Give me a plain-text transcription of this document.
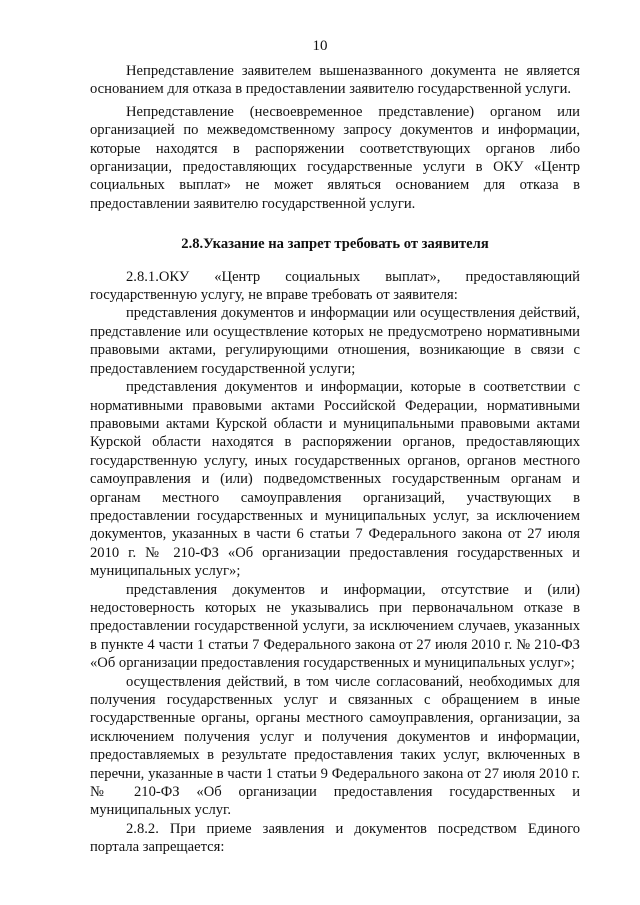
10

Непредставление заявителем вышеназванного документа не является основанием для отказа в предоставлении заявителю государственной услуги.

Непредставление (несвоевременное представление) органом или организацией по межведомственному запросу документов и информации, которые находятся в распоряжении соответствующих органов либо организации, предоставляющих государственные услуги в ОКУ «Центр социальных выплат» не может являться основанием для отказа в предоставлении заявителю государственной услуги.

2.8.Указание на запрет требовать от заявителя

2.8.1.ОКУ «Центр социальных выплат», предоставляющий государственную услугу, не вправе требовать от заявителя:

представления документов и информации или осуществления действий, представление или осуществление которых не предусмотрено нормативными правовыми актами, регулирующими отношения, возникающие в связи с предоставлением государственной услуги;

представления документов и информации, которые в соответствии с нормативными правовыми актами Российской Федерации, нормативными правовыми актами Курской области и муниципальными правовыми актами Курской области находятся в распоряжении органов, предоставляющих государственную услугу, иных государственных органов, органов местного самоуправления и (или) подведомственных государственным органам и органам местного самоуправления организаций, участвующих в предоставлении государственных и муниципальных услуг, за исключением документов, указанных в части 6 статьи 7 Федерального закона от 27 июля 2010 г. № 210-ФЗ «Об организации предоставления государственных и муниципальных услуг»;

представления документов и информации, отсутствие и (или) недостоверность которых не указывались при первоначальном отказе в предоставлении государственной услуги, за исключением случаев, указанных в пункте 4 части 1 статьи 7 Федерального закона от 27 июля 2010 г. № 210-ФЗ «Об организации предоставления государственных и муниципальных услуг»;

осуществления действий, в том числе согласований, необходимых для получения государственных услуг и связанных с обращением в иные государственные органы, органы местного самоуправления, организации, за исключением получения услуг и получения документов и информации, предоставляемых в результате предоставления таких услуг, включенных в перечни, указанные в части 1 статьи 9 Федерального закона от 27 июля 2010 г. № 210-ФЗ «Об организации предоставления государственных и муниципальных услуг.

2.8.2. При приеме заявления и документов посредством Единого портала запрещается:
